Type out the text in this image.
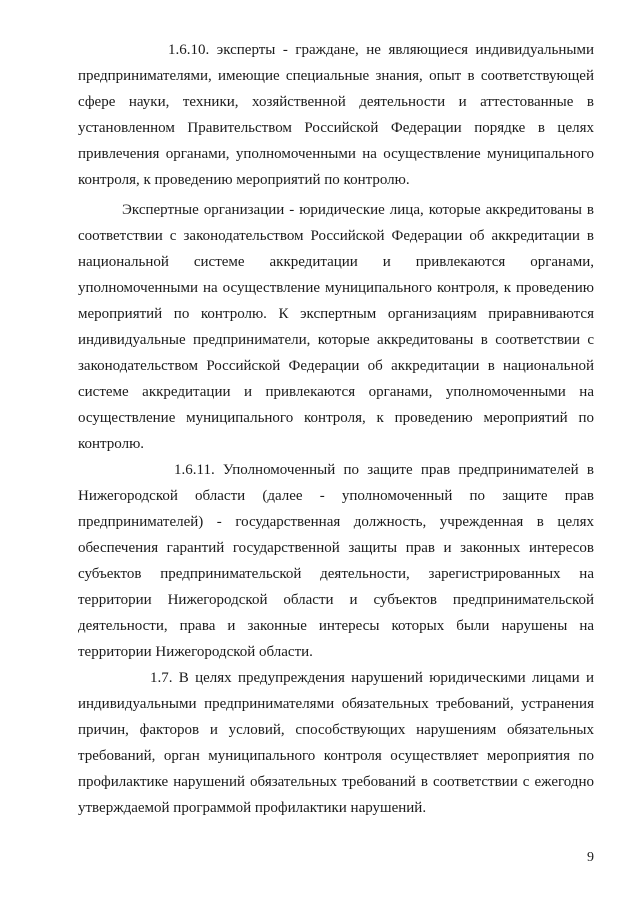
1.6.10. эксперты - граждане, не являющиеся индивидуальными
предпринимателями, имеющие специальные знания, опыт в соответствующей
сфере науки, техники, хозяйственной деятельности и аттестованные в
установленном Правительством Российской Федерации порядке в целях
привлечения органами, уполномоченными на осуществление муниципального
контроля, к проведению мероприятий по контролю.
Экспертные организации - юридические лица, которые аккредитованы в
соответствии с законодательством Российской Федерации об аккредитации в
национальной системе аккредитации и привлекаются органами,
уполномоченными на осуществление муниципального контроля, к проведению
мероприятий по контролю. К экспертным организациям приравниваются
индивидуальные предприниматели, которые аккредитованы в соответствии с
законодательством Российской Федерации об аккредитации в национальной
системе аккредитации и привлекаются органами, уполномоченными на
осуществление муниципального контроля, к проведению мероприятий по
контролю.
1.6.11. Уполномоченный по защите прав предпринимателей в
Нижегородской области (далее - уполномоченный по защите прав
предпринимателей) - государственная должность, учрежденная в целях
обеспечения гарантий государственной защиты прав и законных интересов
субъектов предпринимательской деятельности, зарегистрированных на
территории Нижегородской области и субъектов предпринимательской
деятельности, права и законные интересы которых были нарушены на
территории Нижегородской области.
1.7. В целях предупреждения нарушений юридическими лицами и
индивидуальными предпринимателями обязательных требований, устранения
причин, факторов и условий, способствующих нарушениям обязательных
требований, орган муниципального контроля осуществляет мероприятия по
профилактике нарушений обязательных требований в соответствии с ежегодно
утверждаемой программой профилактики нарушений.
9
